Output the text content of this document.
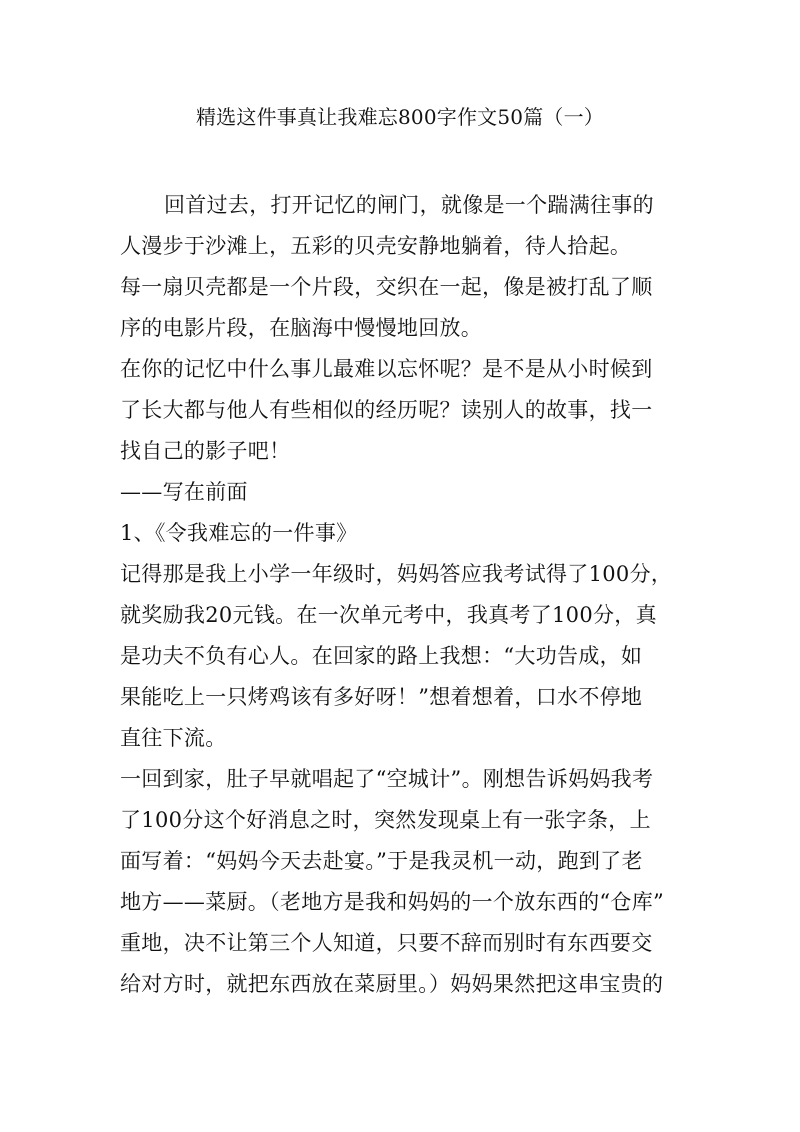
精选这件事真让我难忘800字作文50篇（一）
回首过去，打开记忆的闸门，就像是一个踹满往事的
人漫步于沙滩上，五彩的贝壳安静地躺着，待人拾起。
每一扇贝壳都是一个片段，交织在一起，像是被打乱了顺
序的电影片段，在脑海中慢慢地回放。
在你的记忆中什么事儿最难以忘怀呢？是不是从小时候到
了长大都与他人有些相似的经历呢？读别人的故事，找一
找自己的影子吧！
——写在前面
1、《令我难忘的一件事》
记得那是我上小学一年级时，妈妈答应我考试得了100分，
就奖励我20元钱。在一次单元考中，我真考了100分，真
是功夫不负有心人。在回家的路上我想：“大功告成，如
果能吃上一只烤鸡该有多好呀！”想着想着，口水不停地
直往下流。
一回到家，肚子早就唱起了“空城计”。刚想告诉妈妈我考
了100分这个好消息之时，突然发现桌上有一张字条，上
面写着：“妈妈今天去赴宴。”于是我灵机一动，跑到了老
地方——菜厨。（老地方是我和妈妈的一个放东西的“仓库”
重地，决不让第三个人知道，只要不辞而别时有东西要交
给对方时，就把东西放在菜厨里。）妈妈果然把这串宝贵的
